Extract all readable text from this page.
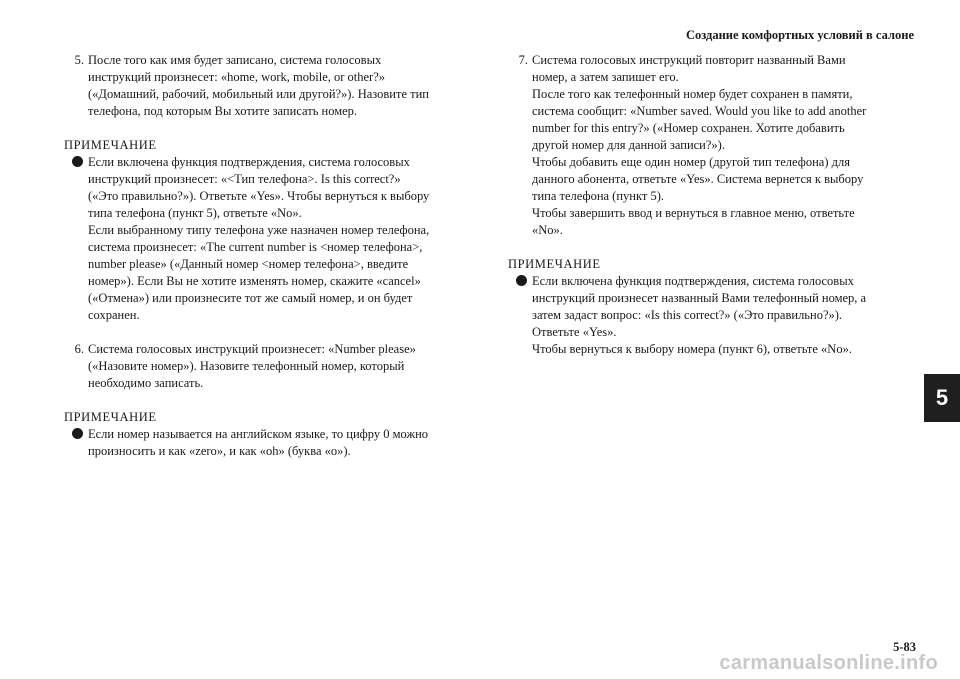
Создание комфортных условий в салоне
5. После того как имя будет записано, система голосовых

инструкций произнесет: «home, work, mobile, or other?»

(«Домашний, рабочий, мобильный или другой?»). Назовите тип

телефона, под которым Вы хотите записать номер.

ПРИМЕЧАНИЕ

Если включена функция подтверждения, система голосовых

инструкций произнесет: «<Тип телефона>. Is this correct?»

(«Это правильно?»). Ответьте «Yes». Чтобы вернуться к выбору

типа телефона (пункт 5), ответьте «No».

Если выбранному типу телефона уже назначен номер телефона,

система произнесет: «The current number is <номер телефона>,

number please» («Данный номер <номер телефона>, введите

номер»). Если Вы не хотите изменять номер, скажите «cancel»

(«Отмена») или произнесите тот же самый номер, и он будет

сохранен.

6. Система голосовых инструкций произнесет: «Number please»

(«Назовите номер»). Назовите телефонный номер, который

необходимо записать.

ПРИМЕЧАНИЕ

Если номер называется на английском языке, то цифру 0 можно

произносить и как «zero», и как «oh» (буква «о»).

7. Система голосовых инструкций повторит названный Вами

номер, а затем запишет его.

После того как телефонный номер будет сохранен в памяти,

система сообщит: «Number saved. Would you like to add another

number for this entry?» («Номер сохранен. Хотите добавить

другой номер для данной записи?»).

Чтобы добавить еще один номер (другой тип телефона) для

данного абонента, ответьте «Yes». Система вернется к выбору

типа телефона (пункт 5).

Чтобы завершить ввод и вернуться в главное меню, ответьте

«No».

ПРИМЕЧАНИЕ

Если включена функция подтверждения, система голосовых

инструкций произнесет названный Вами телефонный номер, а

затем задаст вопрос: «Is this correct?» («Это правильно?»).

Ответьте «Yes».

Чтобы вернуться к выбору номера (пункт 6), ответьте «No».

5
5-83
carmanualsonline.info
